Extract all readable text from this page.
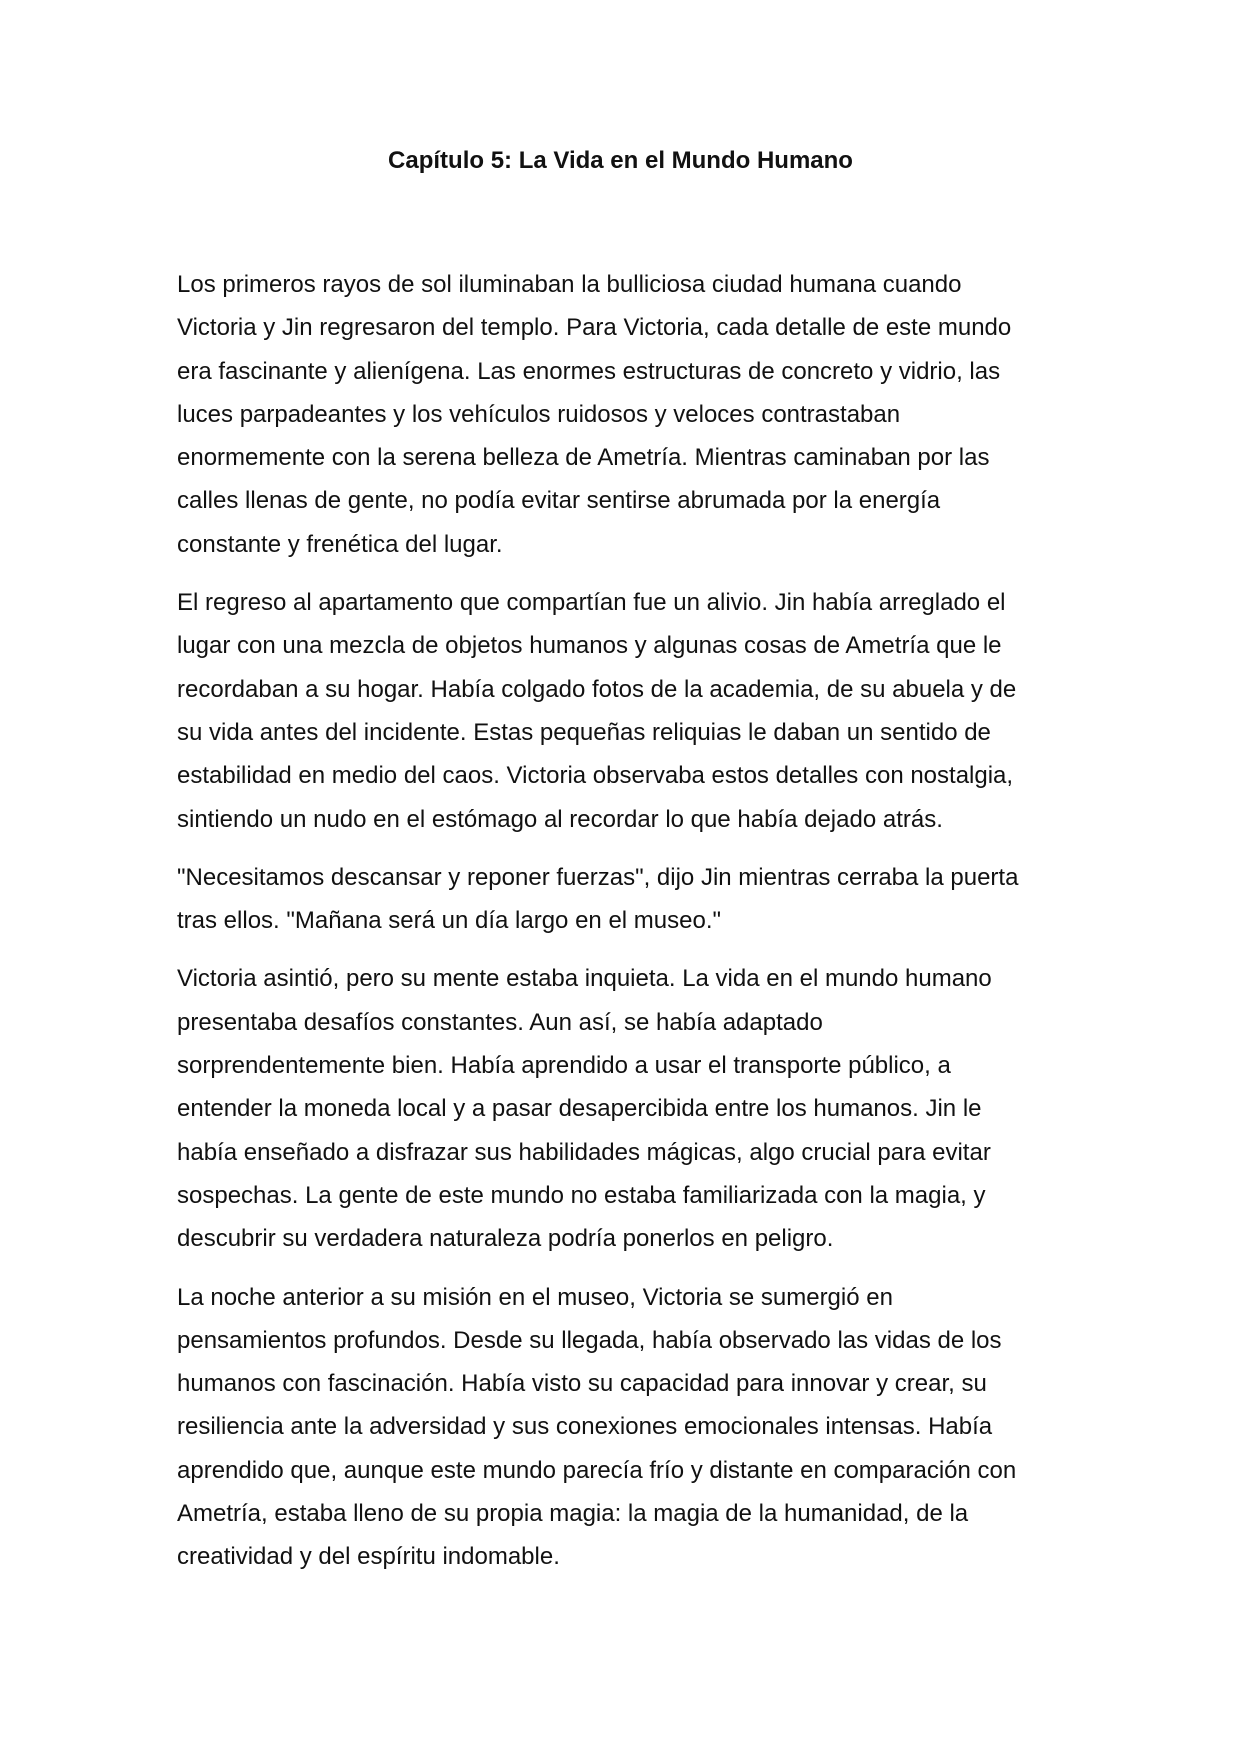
Capítulo 5: La Vida en el Mundo Humano

Los primeros rayos de sol iluminaban la bulliciosa ciudad humana cuando
Victoria y Jin regresaron del templo. Para Victoria, cada detalle de este mundo
era fascinante y alienígena. Las enormes estructuras de concreto y vidrio, las
luces parpadeantes y los vehículos ruidosos y veloces contrastaban
enormemente con la serena belleza de Ametría. Mientras caminaban por las
calles llenas de gente, no podía evitar sentirse abrumada por la energía
constante y frenética del lugar.

El regreso al apartamento que compartían fue un alivio. Jin había arreglado el
lugar con una mezcla de objetos humanos y algunas cosas de Ametría que le
recordaban a su hogar. Había colgado fotos de la academia, de su abuela y de
su vida antes del incidente. Estas pequeñas reliquias le daban un sentido de
estabilidad en medio del caos. Victoria observaba estos detalles con nostalgia,
sintiendo un nudo en el estómago al recordar lo que había dejado atrás.

"Necesitamos descansar y reponer fuerzas", dijo Jin mientras cerraba la puerta
tras ellos. "Mañana será un día largo en el museo."

Victoria asintió, pero su mente estaba inquieta. La vida en el mundo humano
presentaba desafíos constantes. Aun así, se había adaptado
sorprendentemente bien. Había aprendido a usar el transporte público, a
entender la moneda local y a pasar desapercibida entre los humanos. Jin le
había enseñado a disfrazar sus habilidades mágicas, algo crucial para evitar
sospechas. La gente de este mundo no estaba familiarizada con la magia, y
descubrir su verdadera naturaleza podría ponerlos en peligro.

La noche anterior a su misión en el museo, Victoria se sumergió en
pensamientos profundos. Desde su llegada, había observado las vidas de los
humanos con fascinación. Había visto su capacidad para innovar y crear, su
resiliencia ante la adversidad y sus conexiones emocionales intensas. Había
aprendido que, aunque este mundo parecía frío y distante en comparación con
Ametría, estaba lleno de su propia magia: la magia de la humanidad, de la
creatividad y del espíritu indomable.
